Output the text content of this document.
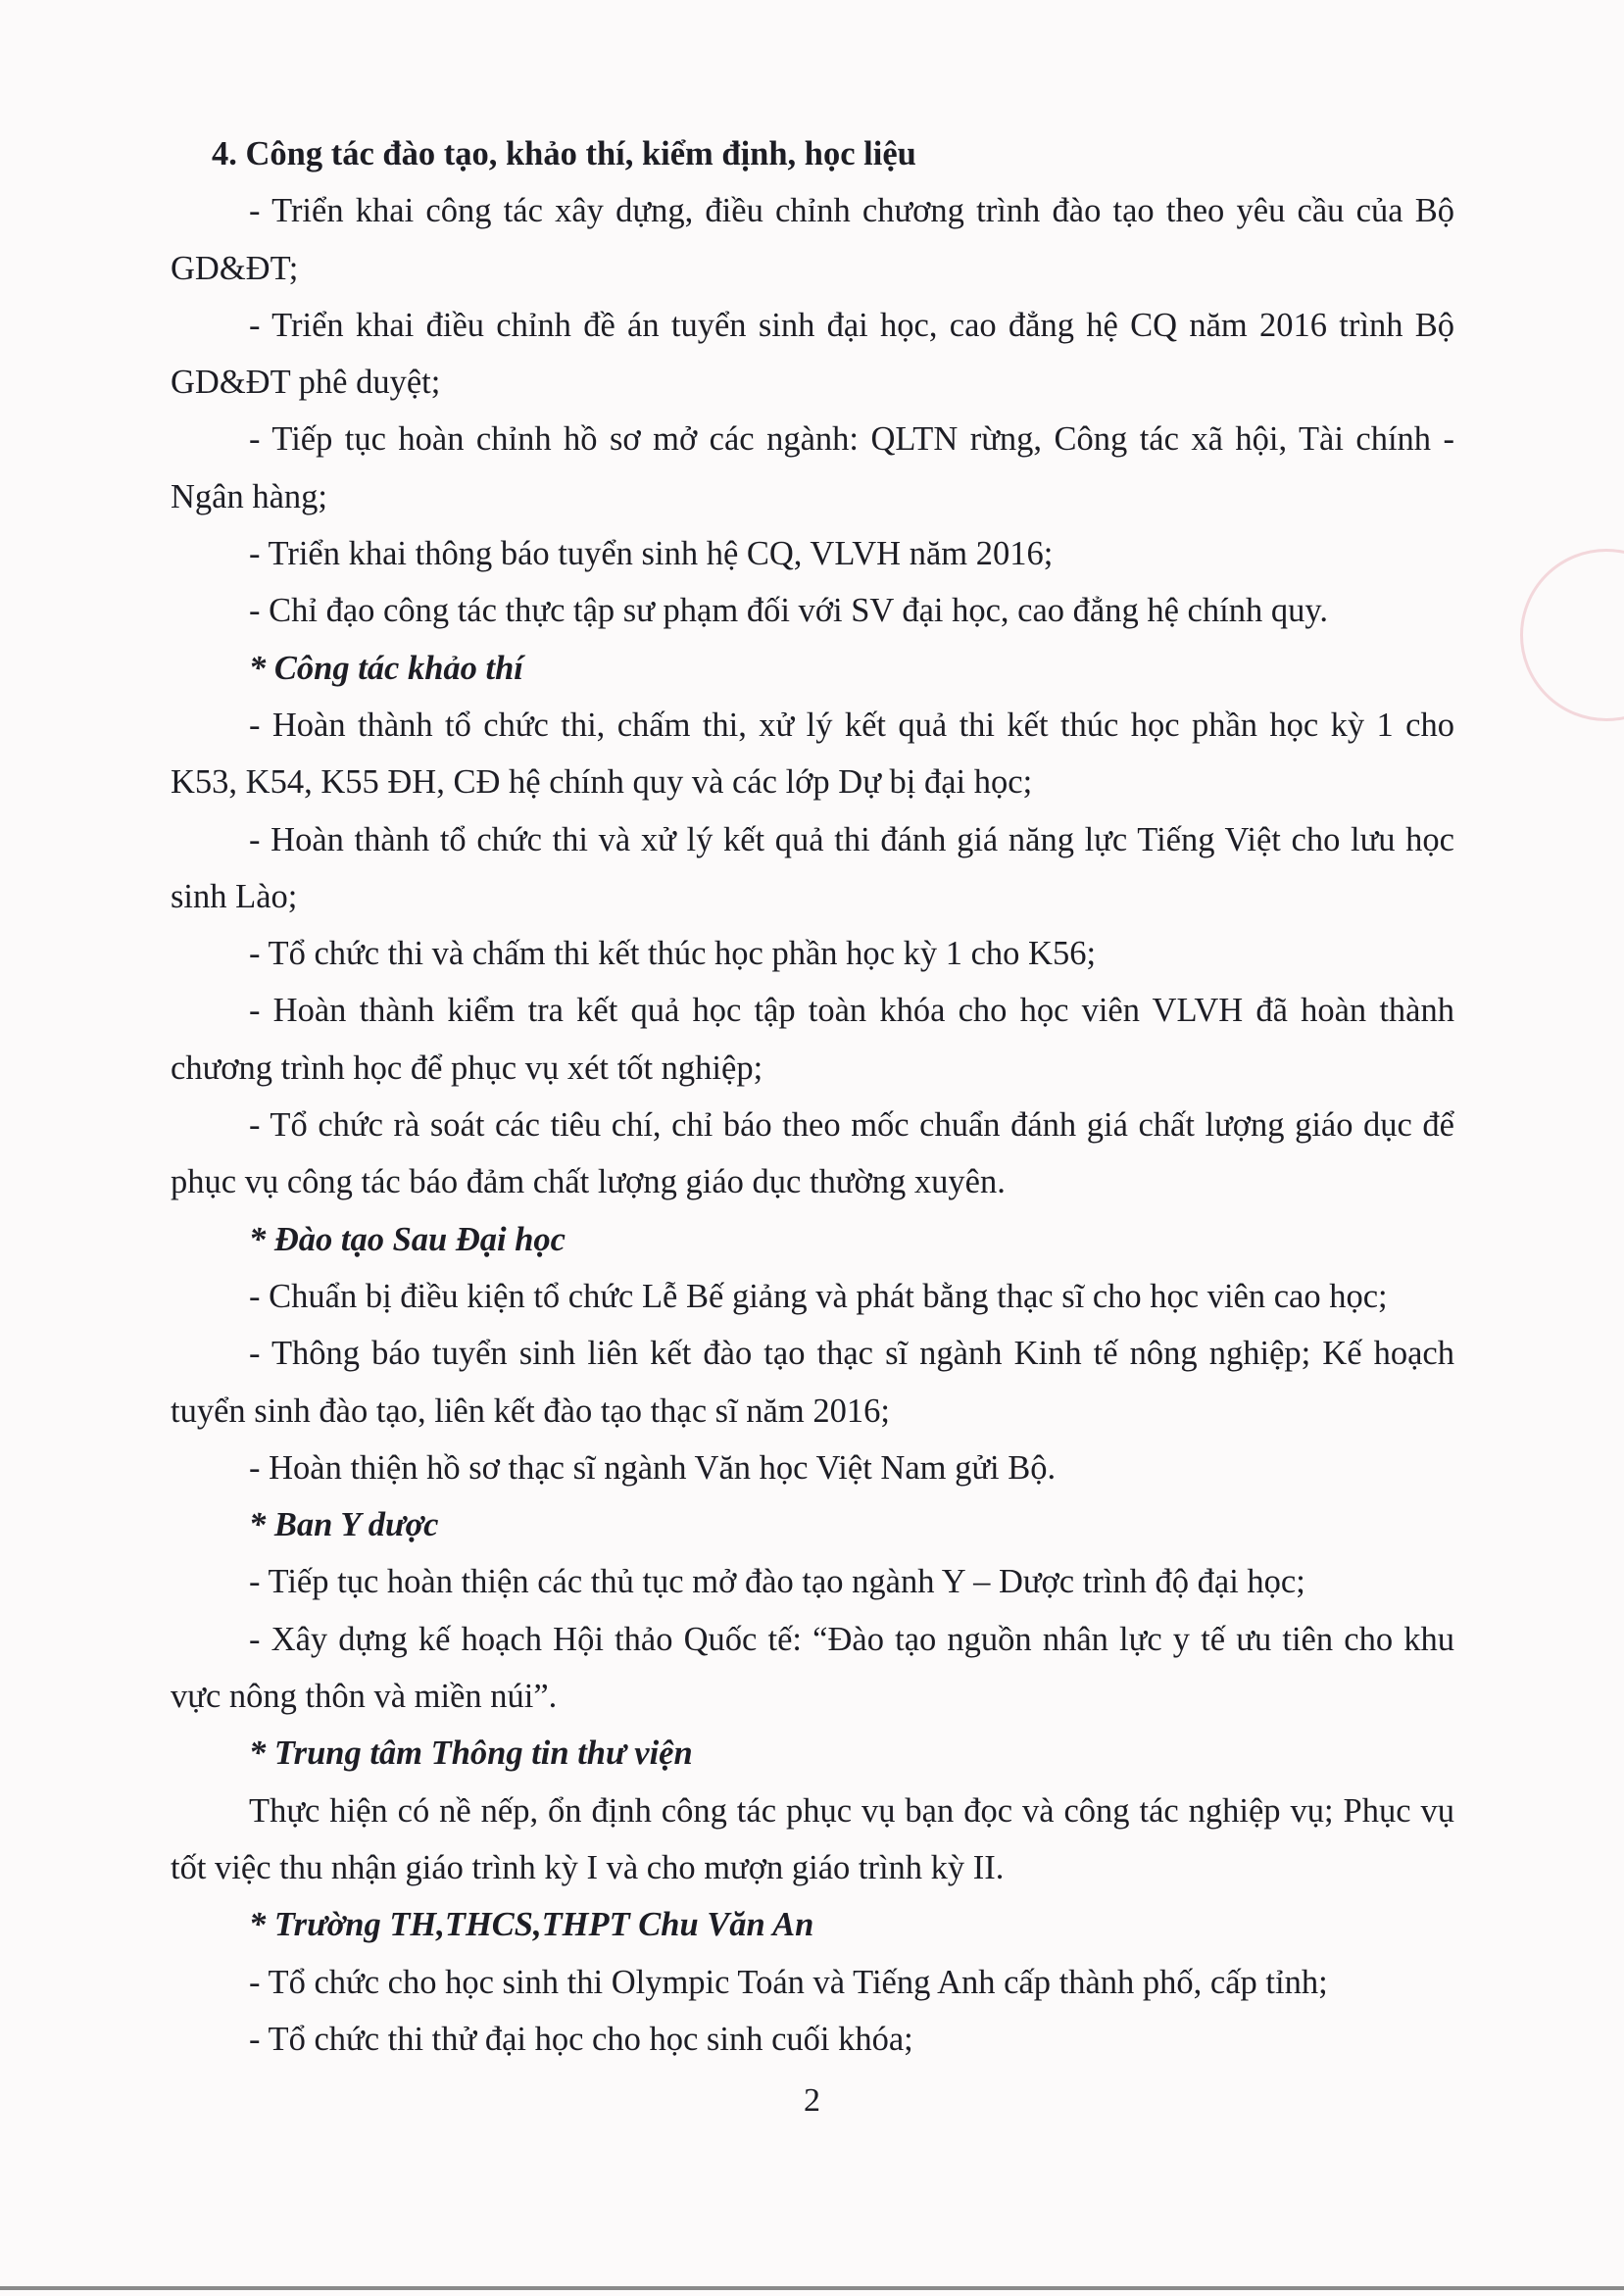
4. Công tác đào tạo, khảo thí, kiểm định, học liệu

- Triển khai công tác xây dựng, điều chỉnh chương trình đào tạo theo yêu cầu của Bộ GD&ĐT;

- Triển khai điều chỉnh đề án tuyển sinh đại học, cao đẳng hệ CQ năm 2016 trình Bộ GD&ĐT phê duyệt;

- Tiếp tục hoàn chỉnh hồ sơ mở các ngành: QLTN rừng, Công tác xã hội, Tài chính - Ngân hàng;

- Triển khai thông báo tuyển sinh hệ CQ, VLVH năm 2016;

- Chỉ đạo công tác thực tập sư phạm đối với SV đại học, cao đẳng hệ chính quy.

* Công tác khảo thí

- Hoàn thành tổ chức thi, chấm thi, xử lý kết quả thi kết thúc học phần học kỳ 1 cho K53, K54, K55 ĐH, CĐ hệ chính quy và các lớp Dự bị đại học;

- Hoàn thành tổ chức thi và xử lý kết quả thi đánh giá năng lực Tiếng Việt cho lưu học sinh Lào;

- Tổ chức thi và chấm thi kết thúc học phần học kỳ 1 cho K56;

- Hoàn thành kiểm tra kết quả học tập toàn khóa cho học viên VLVH đã hoàn thành chương trình học để phục vụ xét tốt nghiệp;

- Tổ chức rà soát các tiêu chí, chỉ báo theo mốc chuẩn đánh giá chất lượng giáo dục để phục vụ công tác báo đảm chất lượng giáo dục thường xuyên.

* Đào tạo Sau Đại học

- Chuẩn bị điều kiện tổ chức Lễ Bế giảng và phát bằng thạc sĩ cho học viên cao học;

- Thông báo tuyển sinh liên kết đào tạo thạc sĩ ngành Kinh tế nông nghiệp; Kế hoạch tuyển sinh đào tạo, liên kết đào tạo thạc sĩ năm 2016;

- Hoàn thiện hồ sơ thạc sĩ ngành Văn học Việt Nam gửi Bộ.

* Ban Y dược

- Tiếp tục hoàn thiện các thủ tục mở đào tạo ngành Y – Dược trình độ đại học;

- Xây dựng kế hoạch Hội thảo Quốc tế: “Đào tạo nguồn nhân lực y tế ưu tiên cho khu vực nông thôn và miền núi”.

* Trung tâm Thông tin thư viện

Thực hiện có nề nếp, ổn định công tác phục vụ bạn đọc và công tác nghiệp vụ; Phục vụ tốt việc thu nhận giáo trình kỳ I và cho mượn giáo trình kỳ II.

* Trường TH,THCS,THPT Chu Văn An

- Tổ chức cho học sinh thi Olympic Toán và Tiếng Anh cấp thành phố, cấp tỉnh;

- Tổ chức thi thử đại học cho học sinh cuối khóa;

2
